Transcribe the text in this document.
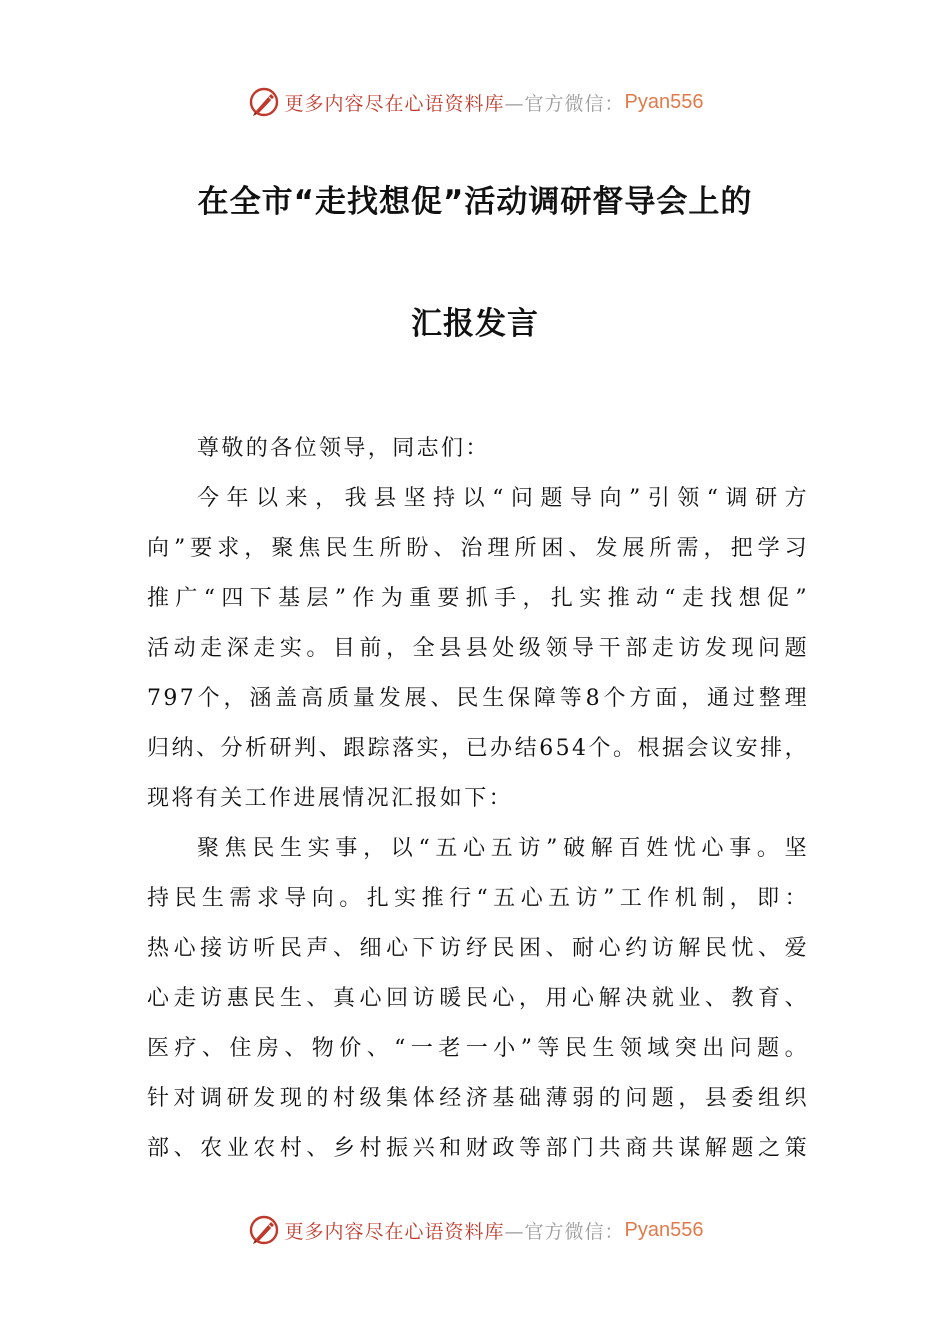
更多内容尽在心语资料库 —官方微信： Pyan556
在全市“走找想促”活动调研督导会上的
汇报发言
尊敬的各位领导，同志们：
今年以来，我县坚持以“问题导向”引领“调研方
向”要求，聚焦民生所盼、治理所困、发展所需，把学习
推广“四下基层”作为重要抓手，扎实推动“走找想促”
活动走深走实。目前，全县县处级领导干部走访发现问题
797个，涵盖高质量发展、民生保障等8个方面，通过整理
归纳、分析研判、跟踪落实，已办结654个。根据会议安排，
现将有关工作进展情况汇报如下：
聚焦民生实事，以“五心五访”破解百姓忧心事。坚
持民生需求导向。扎实推行“五心五访”工作机制，即：
热心接访听民声、细心下访纾民困、耐心约访解民忧、爱
心走访惠民生、真心回访暖民心，用心解决就业、教育、
医疗、住房、物价、“一老一小”等民生领域突出问题。
针对调研发现的村级集体经济基础薄弱的问题，县委组织
部、农业农村、乡村振兴和财政等部门共商共谋解题之策
更多内容尽在心语资料库 —官方微信： Pyan556
